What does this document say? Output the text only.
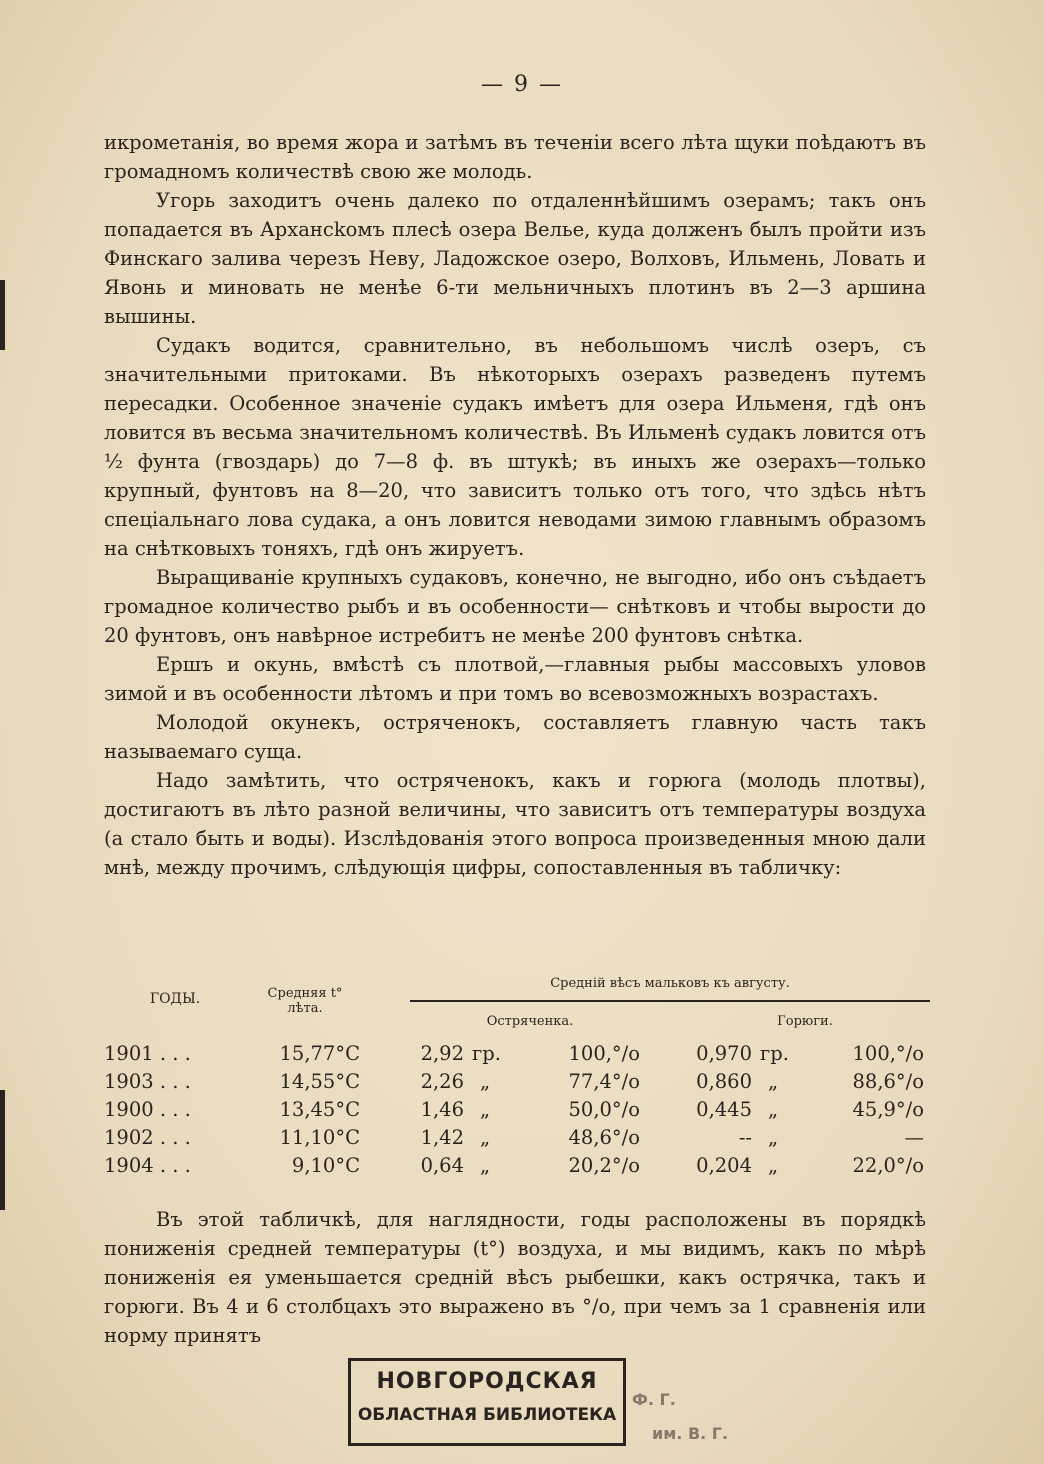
— 9 —

икрометанія, во время жора и затѣмъ въ теченіи всего лѣта щуки поѣдаютъ въ громадномъ количествѣ свою же молодь.

Угорь заходитъ очень далеко по отдаленнѣйшимъ озерамъ; такъ онъ попадается въ Архансkомъ плесѣ озера Велье, куда долженъ былъ пройти изъ Финскаго залива черезъ Неву, Ладожское озеро, Волховъ, Ильмень, Ловать и Явонь и миновать не менѣе 6-ти мельничныхъ плотинъ въ 2—3 аршина вышины.

Судакъ водится, сравнительно, въ небольшомъ числѣ озеръ, съ значительными притоками. Въ нѣкоторыхъ озерахъ разведенъ путемъ пересадки. Особенное значеніе судакъ имѣетъ для озера Ильменя, гдѣ онъ ловится въ весьма значительномъ количествѣ. Въ Ильменѣ судакъ ловится отъ ½ фунта (гвоздарь) до 7—8 ф. въ штукѣ; въ иныхъ же озерахъ—только крупный, фунтовъ на 8—20, что зависитъ только отъ того, что здѣсь нѣтъ спеціальнаго лова судака, а онъ ловится неводами зимою главнымъ образомъ на снѣтковыхъ тоняхъ, гдѣ онъ жируетъ.

Выращиваніе крупныхъ судаковъ, конечно, не выгодно, ибо онъ съѣдаетъ громадное количество рыбъ и въ особенности— снѣтковъ и чтобы вырости до 20 фунтовъ, онъ навѣрное истребитъ не менѣе 200 фунтовъ снѣтка.

Ершъ и окунь, вмѣстѣ съ плотвой,—главныя рыбы массовыхъ уловов зимой и въ особенности лѣтомъ и при томъ во всевозможныхъ возрастахъ.

Молодой окунекъ, остряченокъ, составляетъ главную часть такъ называемаго суща.

Надо замѣтить, что остряченокъ, какъ и горюга (молодь плотвы), достигаютъ въ лѣто разной величины, что зависитъ отъ температуры воздуха (а стало быть и воды). Изслѣдованія этого вопроса произведенныя мною дали мнѣ, между прочимъ, слѣдующія цифры, сопоставленныя въ табличку:

ГОДЫ.	Средняя t° лѣта.
Средній вѣсъ мальковъ къ августу.
Остряченка.	Горюги.
1901 . . .	15,77°C	2,92 гр.	100,°/o	0,970 гр.	100,°/o
1903 . . .	14,55°C	2,26 „	77,4°/o	0,860 „	88,6°/o
1900 . . .	13,45°C	1,46 „	50,0°/o	0,445 „	45,9°/o
1902 . . .	11,10°C	1,42 „	48,6°/o	-- „	—
1904 . . .	9,10°C	0,64 „	20,2°/o	0,204 „	22,0°/o

Въ этой табличкѣ, для наглядности, годы расположены въ порядкѣ пониженія средней температуры (t°) воздуха, и мы видимъ, какъ по мѣрѣ пониженія ея уменьшается средній вѣсъ рыбешки, какъ острячка, такъ и горюги. Въ 4 и 6 столбцахъ это выражено въ °/o, при чемъ за 1 сравненія или норму принятъ

НОВГОРОДСКАЯ
ОБЛАСТНАЯ БИБЛИОТЕКА
Ф. Г.
им. В. Г.
